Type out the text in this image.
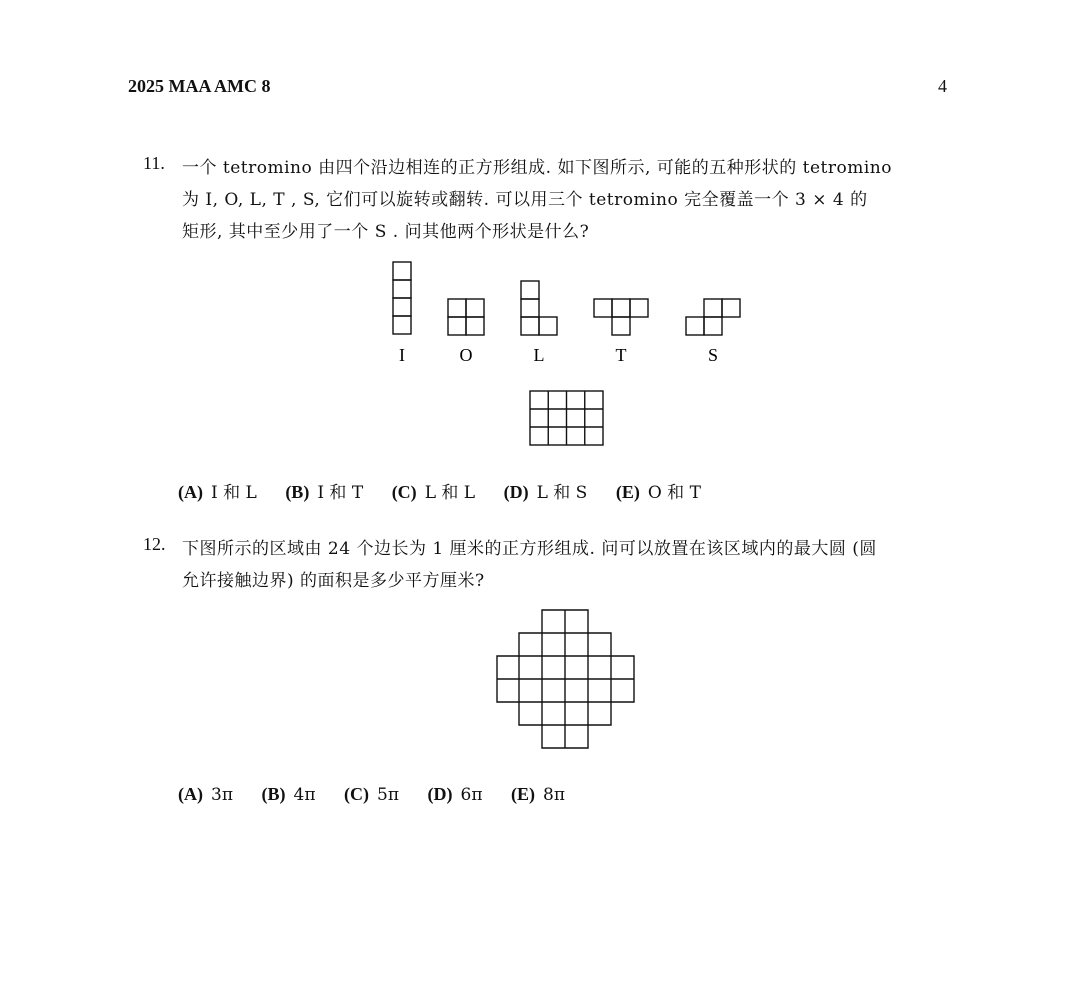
2025 MAA AMC 8	4
11. 一个 tetromino 由四个沿边相连的正方形组成. 如下图所示, 可能的五种形状的 tetromino
为 I, O, L, T , S, 它们可以旋转或翻转. 可以用三个 tetromino 完全覆盖一个 3 × 4 的
矩形, 其中至少用了一个 S . 问其他两个形状是什么?
I	O	L	T	S
(A) I 和 L (B) I 和 T (C) L 和 L (D) L 和 S (E) O 和 T
12. 下图所示的区域由 24 个边长为 1 厘米的正方形组成. 问可以放置在该区域内的最大圆 (圆
允许接触边界) 的面积是多少平方厘米?
(A) 3π (B) 4π (C) 5π (D) 6π (E) 8π
